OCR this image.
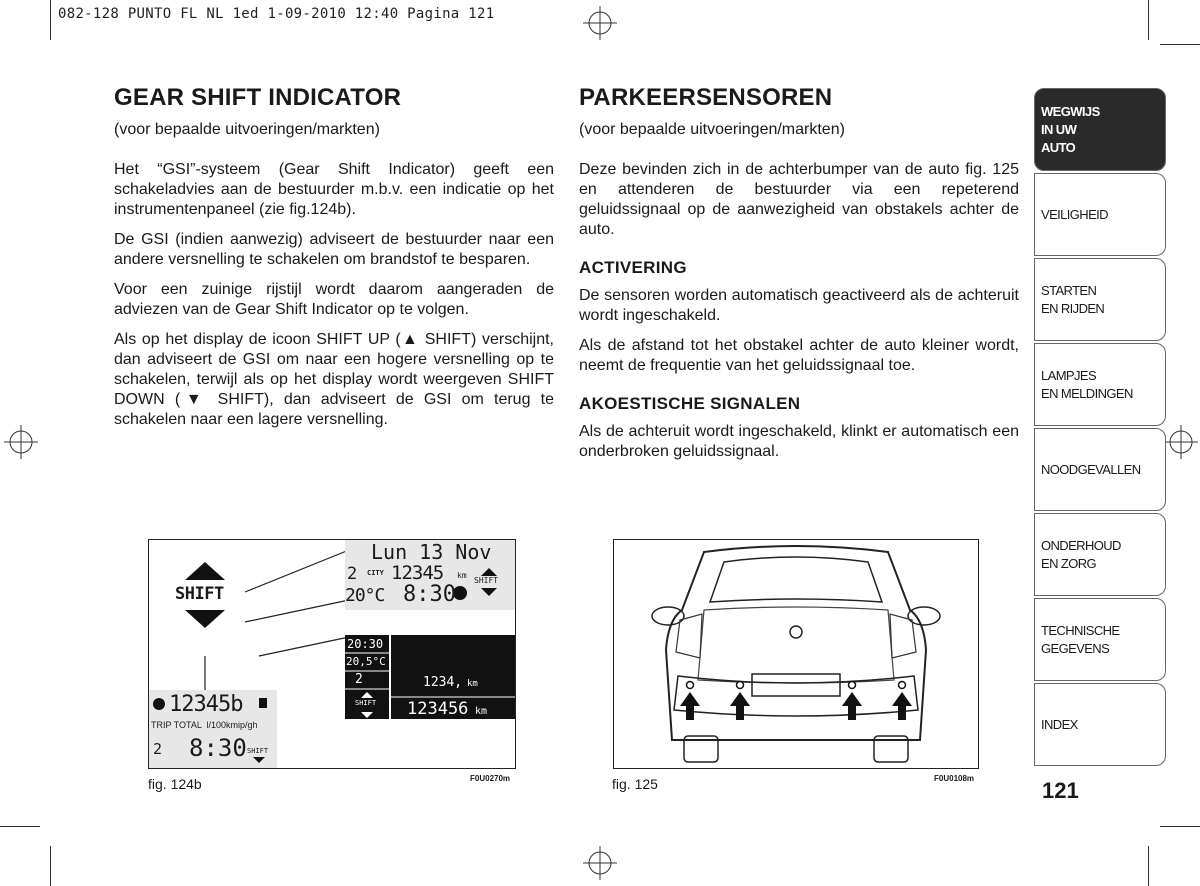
082-128 PUNTO FL NL 1ed 1-09-2010 12:40 Pagina 121
GEAR SHIFT INDICATOR
(voor bepaalde uitvoeringen/markten)

Het “GSI”-systeem (Gear Shift Indicator) geeft een schakeladvies aan de bestuurder m.b.v. een indicatie op het instrumentenpaneel (zie fig.124b).

De GSI (indien aanwezig) adviseert de bestuurder naar een andere versnelling te schakelen om brandstof te besparen.

Voor een zuinige rijstijl wordt daarom aangeraden de adviezen van de Gear Shift Indicator op te volgen.

Als op het display de icoon SHIFT UP (▲ SHIFT) verschijnt, dan adviseert de GSI om naar een hogere versnelling op te schakelen, terwijl als op het display wordt weergeven SHIFT DOWN (▼ SHIFT), dan adviseert de GSI om terug te schakelen naar een lagere versnelling.

PARKEERSENSOREN
(voor bepaalde uitvoeringen/markten)

Deze bevinden zich in de achterbumper van de auto fig. 125 en attenderen de bestuurder via een repeterend geluidssignaal op de aanwezigheid van obstakels achter de auto.

ACTIVERING

De sensoren worden automatisch geactiveerd als de achteruit wordt ingeschakeld.

Als de afstand tot het obstakel achter de auto kleiner wordt, neemt de frequentie van het geluidssignaal toe.

AKOESTISCHE SIGNALEN

Als de achteruit wordt ingeschakeld, klinkt er automatisch een onderbroken geluidssignaal.

SHIFT
Lun 13 Nov
2 CITY 12345 km
SHIFT
20°C 8:30
20:30
20,5°C
2
SHIFT
1234, km
123456 km
12345b
TRIP TOTAL  l/100kmip/gh
2 8:30 SHIFT
fig. 124b	F0U0270m	fig. 125	F0U0108m
WEGWIJS
IN UW
AUTO
VEILIGHEID
STARTEN
EN RIJDEN
LAMPJES
EN MELDINGEN
NOODGEVALLEN
ONDERHOUD
EN ZORG
TECHNISCHE
GEGEVENS
INDEX
121
